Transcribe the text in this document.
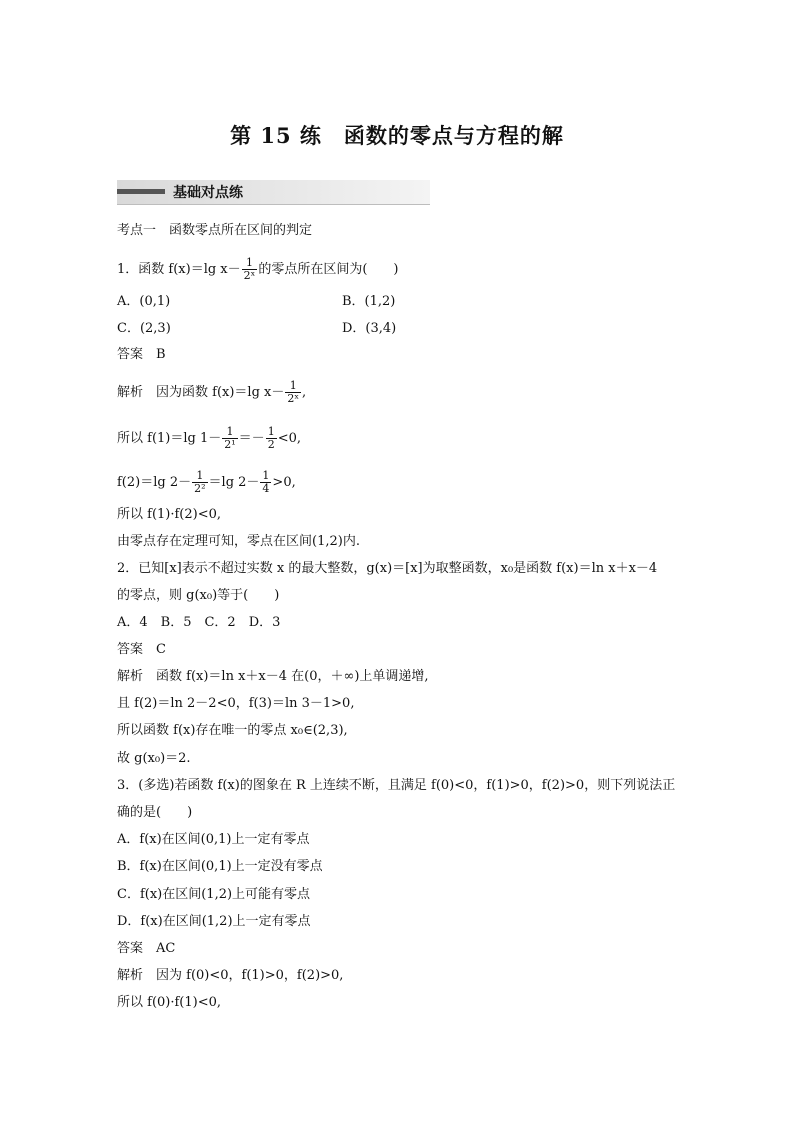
第 15 练　函数的零点与方程的解
基础对点练
考点一　函数零点所在区间的判定
1．函数 f(x)＝lg $x- \frac{1}{\text{2ˣ}}$ 的零点所在区间为(　　)
A．(0,1)	B．(1,2)
C．(2,3)	D．(3,4)
答案　B
解析　因为函数 f(x)＝lg $x- \frac{1}{\text{2ˣ}}$ ,
所以 f(1)＝lg $1- \frac{1}{\text{2¹}} =- \frac{1}{2} <0$,
f(2)＝lg $2- \frac{1}{\text{2²}} =\lg$ $2- \frac{1}{4} >0$,
所以 f(1)·f(2)<0,
由零点存在定理可知，零点在区间(1,2)内.
2．已知[x]表示不超过实数 x 的最大整数，g(x)＝[x]为取整函数，x₀是函数 f(x)＝ln x＋x－4
的零点，则 g(x₀)等于(　　)
A．4　B．5　C．2　D．3
答案　C
解析　函数 f(x)＝ln x＋x－4 在(0，＋∞)上单调递增,
且 f(2)＝ln 2－2<0，f(3)＝ln 3－1>0,
所以函数 f(x)存在唯一的零点 x₀∈(2,3),
故 g(x₀)＝2.
3．(多选)若函数 f(x)的图象在 R 上连续不断，且满足 f(0)<0，f(1)>0，f(2)>0，则下列说法正
确的是(　　)
A．f(x)在区间(0,1)上一定有零点
B．f(x)在区间(0,1)上一定没有零点
C．f(x)在区间(1,2)上可能有零点
D．f(x)在区间(1,2)上一定有零点
答案　AC
解析　因为 f(0)<0，f(1)>0，f(2)>0,
所以 f(0)·f(1)<0,
